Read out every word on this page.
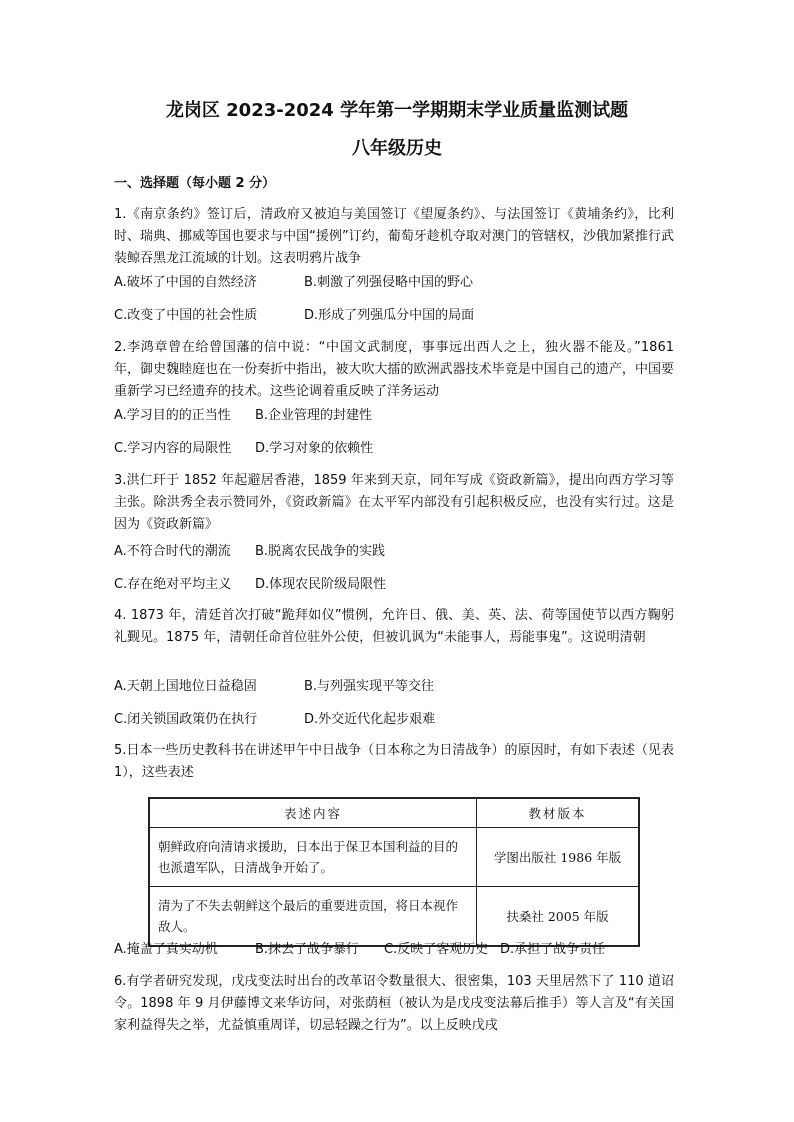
龙岗区 2023-2024 学年第一学期期末学业质量监测试题
八年级历史
一、选择题（每小题 2 分）
1.《南京条约》签订后，清政府又被迫与美国签订《望厦条约》、与法国签订《黄埔条约》，比利时、瑞典、挪威等国也要求与中国“援例”订约，葡萄牙趁机夺取对澳门的管辖权，沙俄加紧推行武装鲸吞黑龙江流域的计划。这表明鸦片战争
A.破坏了中国的自然经济	B.刺激了列强侵略中国的野心
C.改变了中国的社会性质	D.形成了列强瓜分中国的局面
2.李鸿章曾在给曾国藩的信中说：“中国文武制度，事事远出西人之上，独火器不能及。”1861 年，御史魏睦庭也在一份奏折中指出，被大吹大擂的欧洲武器技术毕竟是中国自己的遗产，中国要重新学习已经遗弃的技术。这些论调着重反映了洋务运动
A.学习目的的正当性 B.企业管理的封建性
C.学习内容的局限性 D.学习对象的依赖性
3.洪仁玕于 1852 年起避居香港，1859 年来到天京，同年写成《资政新篇》，提出向西方学习等主张。除洪秀全表示赞同外，《资政新篇》在太平军内部没有引起积极反应，也没有实行过。这是因为《资政新篇》
A.不符合时代的潮流 B.脱离农民战争的实践
C.存在绝对平均主义 D.体现农民阶级局限性
4. 1873 年，清廷首次打破“跪拜如仪”惯例，允许日、俄、美、英、法、荷等国使节以西方鞠躬礼觐见。1875 年，清朝任命首位驻外公使，但被讥讽为“未能事人，焉能事鬼”。这说明清朝
A.天朝上国地位日益稳固	B.与列强实现平等交往
C.闭关锁国政策仍在执行	D.外交近代化起步艰难
5.日本一些历史教科书在讲述甲午中日战争（日本称之为日清战争）的原因时，有如下表述（见表1），这些表述
表述内容	教材版本
朝鲜政府向清请求援助，日本出于保卫本国利益的目的也派遣军队，日清战争开始了。	学图出版社 1986 年版
清为了不失去朝鲜这个最后的重要进贡国，将日本视作敌人。	扶桑社 2005 年版
A.掩盖了真实动机	B.抹去了战争暴行 C.反映了客观历史 D.承担了战争责任
6.有学者研究发现，戊戌变法时出台的改革诏令数量很大、很密集，103 天里居然下了 110 道诏令。1898 年 9 月伊藤博文来华访问，对张荫桓（被认为是戊戌变法幕后推手）等人言及“有关国家利益得失之举，尤益慎重周详，切忌轻躁之行为”。以上反映戊戌
